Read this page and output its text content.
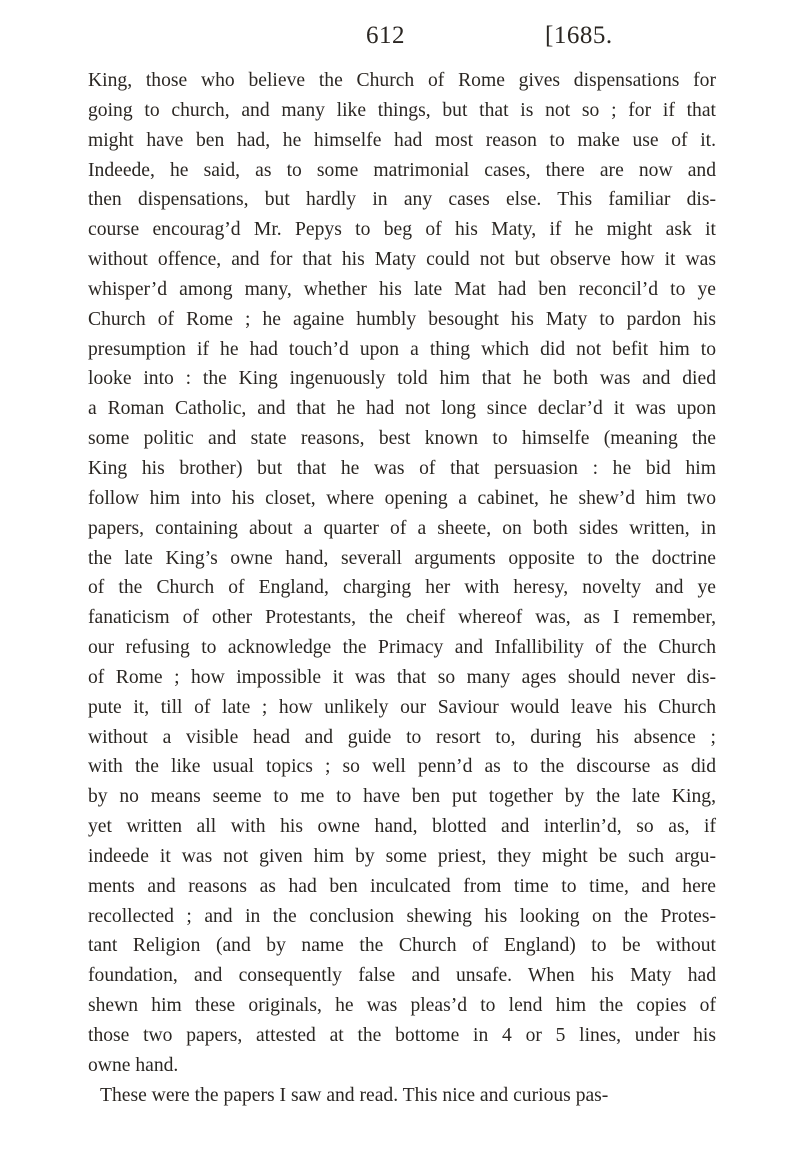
612	[1685.
King, those who believe the Church of Rome gives dispensations for
going to church, and many like things, but that is not so ; for if that
might have ben had, he himselfe had most reason to make use of it.
Indeede, he said, as to some matrimonial cases, there are now and
then dispensations, but hardly in any cases else. This familiar dis-
course encourag’d Mr. Pepys to beg of his Maty, if he might ask it
without offence, and for that his Maty could not but observe how it was
whisper’d among many, whether his late Mat had ben reconcil’d to ye
Church of Rome ; he againe humbly besought his Maty to pardon his
presumption if he had touch’d upon a thing which did not befit him to
looke into : the King ingenuously told him that he both was and died
a Roman Catholic, and that he had not long since declar’d it was upon
some politic and state reasons, best known to himselfe (meaning the
King his brother) but that he was of that persuasion : he bid him
follow him into his closet, where opening a cabinet, he shew’d him two
papers, containing about a quarter of a sheete, on both sides written, in
the late King’s owne hand, severall arguments opposite to the doctrine
of the Church of England, charging her with heresy, novelty and ye
fanaticism of other Protestants, the cheif whereof was, as I remember,
our refusing to acknowledge the Primacy and Infallibility of the Church
of Rome ; how impossible it was that so many ages should never dis-
pute it, till of late ; how unlikely our Saviour would leave his Church
without a visible head and guide to resort to, during his absence ;
with the like usual topics ; so well penn’d as to the discourse as did
by no means seeme to me to have ben put together by the late King,
yet written all with his owne hand, blotted and interlin’d, so as, if
indeede it was not given him by some priest, they might be such argu-
ments and reasons as had ben inculcated from time to time, and here
recollected ; and in the conclusion shewing his looking on the Protes-
tant Religion (and by name the Church of England) to be without
foundation, and consequently false and unsafe. When his Maty had
shewn him these originals, he was pleas’d to lend him the copies of
those two papers, attested at the bottome in 4 or 5 lines, under his
owne hand.
These were the papers I saw and read. This nice and curious pas-
